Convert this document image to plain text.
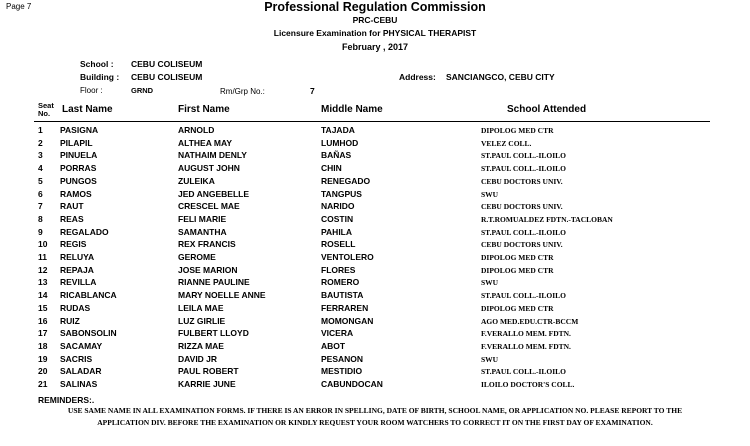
Page 7	Professional Regulation Commission
PRC-CEBU
Licensure Examination for PHYSICAL THERAPIST
February , 2017
School : CEBU COLISEUM
Building : CEBU COLISEUM
Floor :	GRND	Rm/Grp No.:	7
Address: SANCIANGCO, CEBU CITY
Seat
No.	Last Name	First Name	Middle Name	School Attended
1 PASIGNA	ARNOLD	TAJADA	DIPOLOG MED CTR
2 PILAPIL	ALTHEA MAY	LUMHOD	VELEZ COLL.
3 PINUELA	NATHAIM DENLY	BAÑAS	ST.PAUL COLL.-ILOILO
4 PORRAS	AUGUST JOHN	CHIN	ST.PAUL COLL.-ILOILO
5 PUNGOS	ZULEIKA	RENEGADO	CEBU DOCTORS UNIV.
6 RAMOS	JED ANGEBELLE	TANGPUS	SWU
7 RAUT	CRESCEL MAE	NARIDO	CEBU DOCTORS UNIV.
8 REAS	FELI MARIE	COSTIN	R.T.ROMUALDEZ FDTN.-TACLOBAN
9 REGALADO	SAMANTHA	PAHILA	ST.PAUL COLL.-ILOILO
10 REGIS	REX FRANCIS	ROSELL	CEBU DOCTORS UNIV.
11 RELUYA	GEROME	VENTOLERO	DIPOLOG MED CTR
12 REPAJA	JOSE MARION	FLORES	DIPOLOG MED CTR
13 REVILLA	RIANNE PAULINE	ROMERO	SWU
14 RICABLANCA	MARY NOELLE ANNE	BAUTISTA	ST.PAUL COLL.-ILOILO
15 RUDAS	LEILA MAE	FERRAREN	DIPOLOG MED CTR
16 RUIZ	LUZ GIRLIE	MOMONGAN	AGO MED.EDU.CTR-BCCM
17 SABONSOLIN	FULBERT LLOYD	VICERA	F.VERALLO MEM. FDTN.
18 SACAMAY	RIZZA MAE	ABOT	F.VERALLO MEM. FDTN.
19 SACRIS	DAVID JR	PESANON	SWU
20 SALADAR	PAUL ROBERT	MESTIDIO	ST.PAUL COLL.-ILOILO
21 SALINAS	KARRIE JUNE	CABUNDOCAN	ILOILO DOCTOR'S COLL.
REMINDERS:.
USE SAME NAME IN ALL EXAMINATION FORMS. IF THERE IS AN ERROR IN SPELLING, DATE OF BIRTH, SCHOOL NAME, OR APPLICATION NO. PLEASE REPORT TO THE
APPLICATION DIV. BEFORE THE EXAMINATION OR KINDLY REQUEST YOUR ROOM WATCHERS TO CORRECT IT ON THE FIRST DAY OF EXAMINATION.
